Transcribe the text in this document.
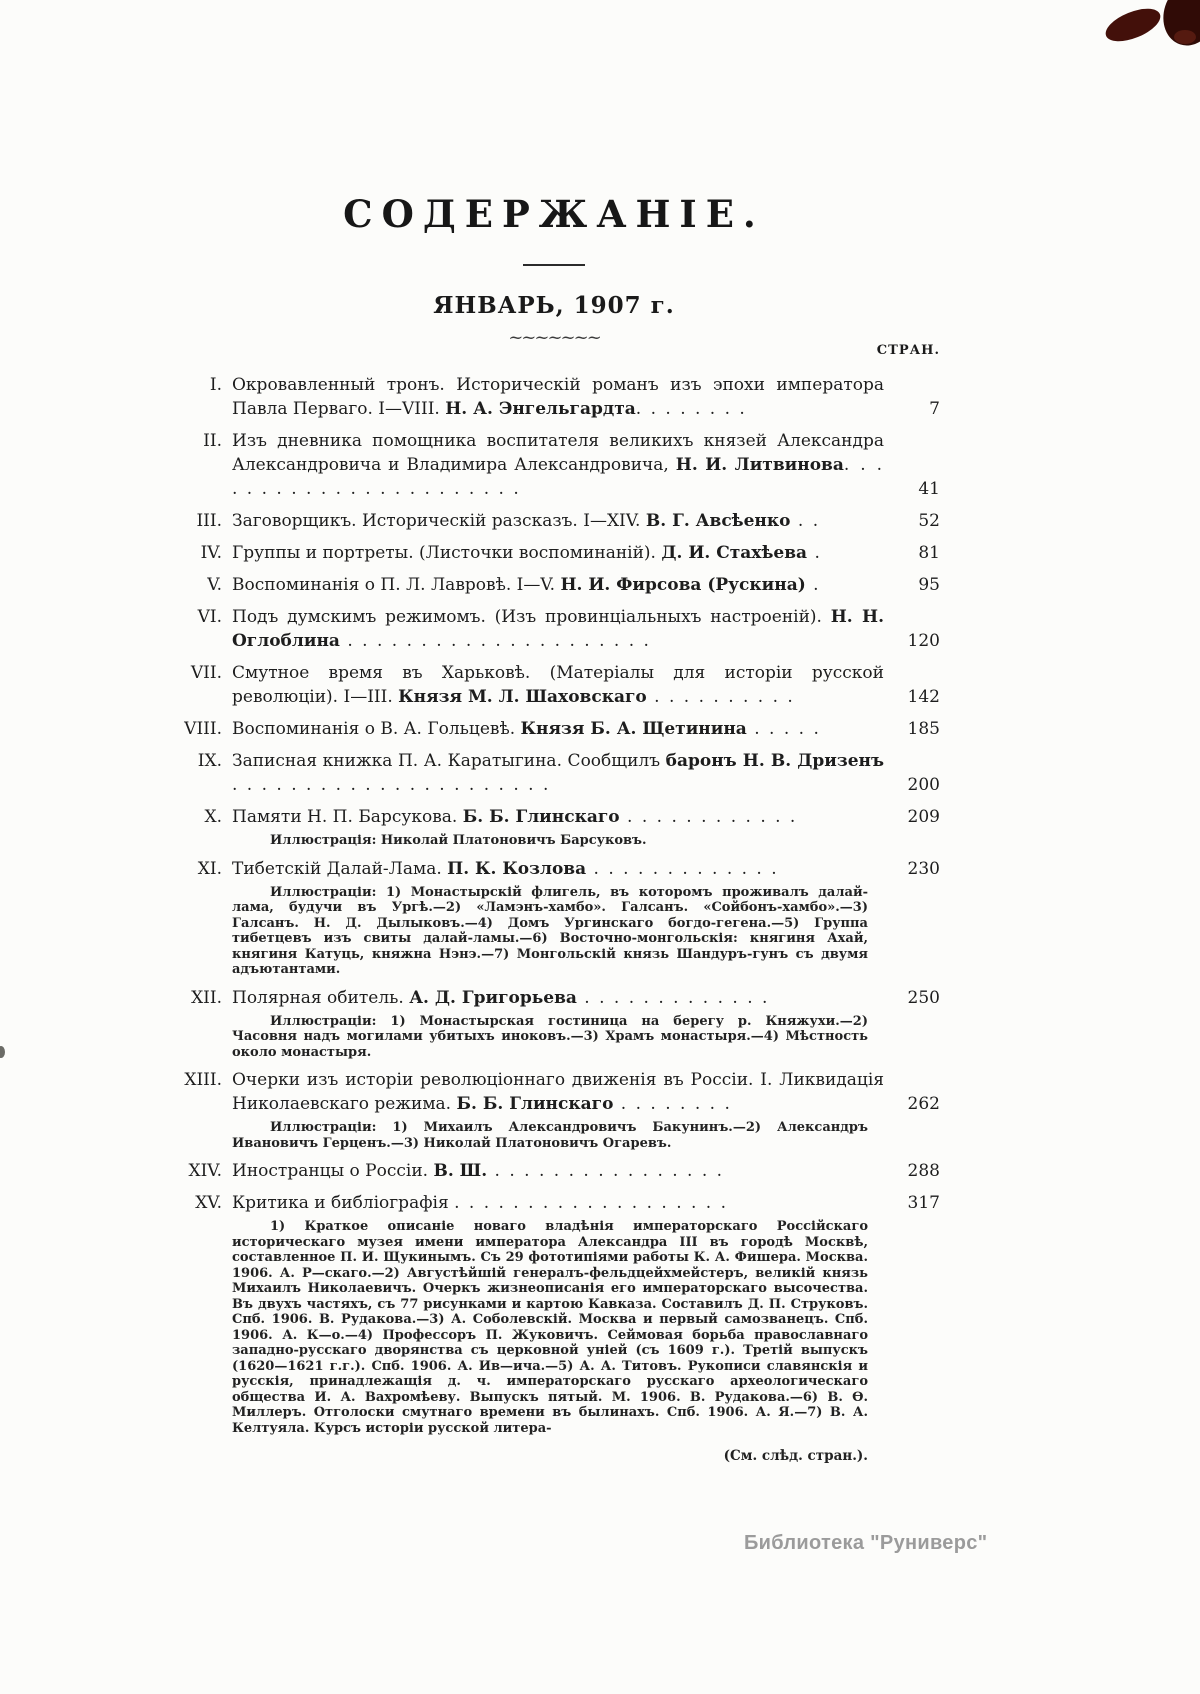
СОДЕРЖАНІЕ.
ЯНВАРЬ, 1907 г.
~~~~~~~
СТРАН.
I. Окровавленный тронъ. Историческій романъ изъ эпохи императора Павла Перваго. I—VIII. Н. А. Энгельгардта. . . . . . . .	7
II. Изъ дневника помощника воспитателя великихъ князей Александра Александровича и Владимира Александровича, Н. И. Литвинова. . . . . . . . . . . . . . . . . . . . . . .	41
III. Заговорщикъ. Историческій разсказъ. I—XIV. В. Г. Авсѣенко . .	52
IV. Группы и портреты. (Листочки воспоминаній). Д. И. Стахѣева .	81
V. Воспоминанія о П. Л. Лавровѣ. I—V. Н. И. Фирсова (Рускина) .	95
VI. Подъ думскимъ режимомъ. (Изъ провинціальныхъ настроеній). Н. Н. Оглоблина . . . . . . . . . . . . . . . . . . . . .	120
VII. Смутное время въ Харьковѣ. (Матеріалы для исторіи русской революціи). I—III. Князя М. Л. Шаховскаго . . . . . . . . . .	142
VIII. Воспоминанія о В. А. Гольцевѣ. Князя Б. А. Щетинина . . . . .	185
IX. Записная книжка П. А. Каратыгина. Сообщилъ баронъ Н. В. Дризенъ . . . . . . . . . . . . . . . . . . . . . .	200
X. Памяти Н. П. Барсукова. Б. Б. Глинскаго . . . . . . . . . . . .	209
Иллюстрація: Николай Платоновичъ Барсуковъ.
XI. Тибетскій Далай-Лама. П. К. Козлова . . . . . . . . . . . . .	230
Иллюстраціи: 1) Монастырскій флигель, въ которомъ проживалъ далай-лама, будучи въ Ургѣ.—2) «Ламэнъ-хамбо». Галсанъ. «Сойбонъ-хамбо».—3) Галсанъ. Н. Д. Дылыковъ.—4) Домъ Ургинскаго богдо-гегена.—5) Группа тибетцевъ изъ свиты далай-ламы.—6) Восточно-монгольскія: княгиня Ахай, княгиня Катуць, княжна Нэнэ.—7) Монгольскій князь Шандуръ-гунъ съ двумя адъютантами.
XII. Полярная обитель. А. Д. Григорьева . . . . . . . . . . . . .	250
Иллюстраціи: 1) Монастырская гостиница на берегу р. Княжухи.—2) Часовня надъ могилами убитыхъ иноковъ.—3) Храмъ монастыря.—4) Мѣстность около монастыря.
XIII. Очерки изъ исторіи революціоннаго движенія въ Россіи. I. Ликвидація Николаевскаго режима. Б. Б. Глинскаго . . . . . . . .	262
Иллюстраціи: 1) Михаилъ Александровичъ Бакунинъ.—2) Александръ Ивановичъ Герценъ.—3) Николай Платоновичъ Огаревъ.
XIV. Иностранцы о Россіи. В. Ш. . . . . . . . . . . . . . . . .	288
XV. Критика и библіографія . . . . . . . . . . . . . . . . . . .	317
1) Краткое описаніе новаго владѣнія императорскаго Россійскаго историческаго музея имени императора Александра III въ городѣ Москвѣ, составленное П. И. Щукинымъ. Съ 29 фототипіями работы К. А. Фишера. Москва. 1906. А. Р—скаго.—2) Августѣйшій генералъ-фельдцейхмейстеръ, великій князь Михаилъ Николаевичъ. Очеркъ жизнеописанія его императорскаго высочества. Въ двухъ частяхъ, съ 77 рисунками и картою Кавказа. Составилъ Д. П. Струковъ. Спб. 1906. В. Рудакова.—3) А. Соболевскій. Москва и первый самозванецъ. Спб. 1906. А. К—о.—4) Профессоръ П. Жуковичъ. Сеймовая борьба православнаго западно-русскаго дворянства съ церковной уніей (съ 1609 г.). Третій выпускъ (1620—1621 г.г.). Спб. 1906. А. Ив—ича.—5) А. А. Титовъ. Рукописи славянскія и русскія, принадлежащія д. ч. императорскаго русскаго археологическаго общества И. А. Вахромѣеву. Выпускъ пятый. М. 1906. В. Рудакова.—6) В. Ѳ. Миллеръ. Отголоски смутнаго времени въ былинахъ. Спб. 1906. А. Я.—7) В. А. Келтуяла. Курсъ исторіи русской литера-
(См. слѣд. стран.).
Библиотека "Руниверс"
